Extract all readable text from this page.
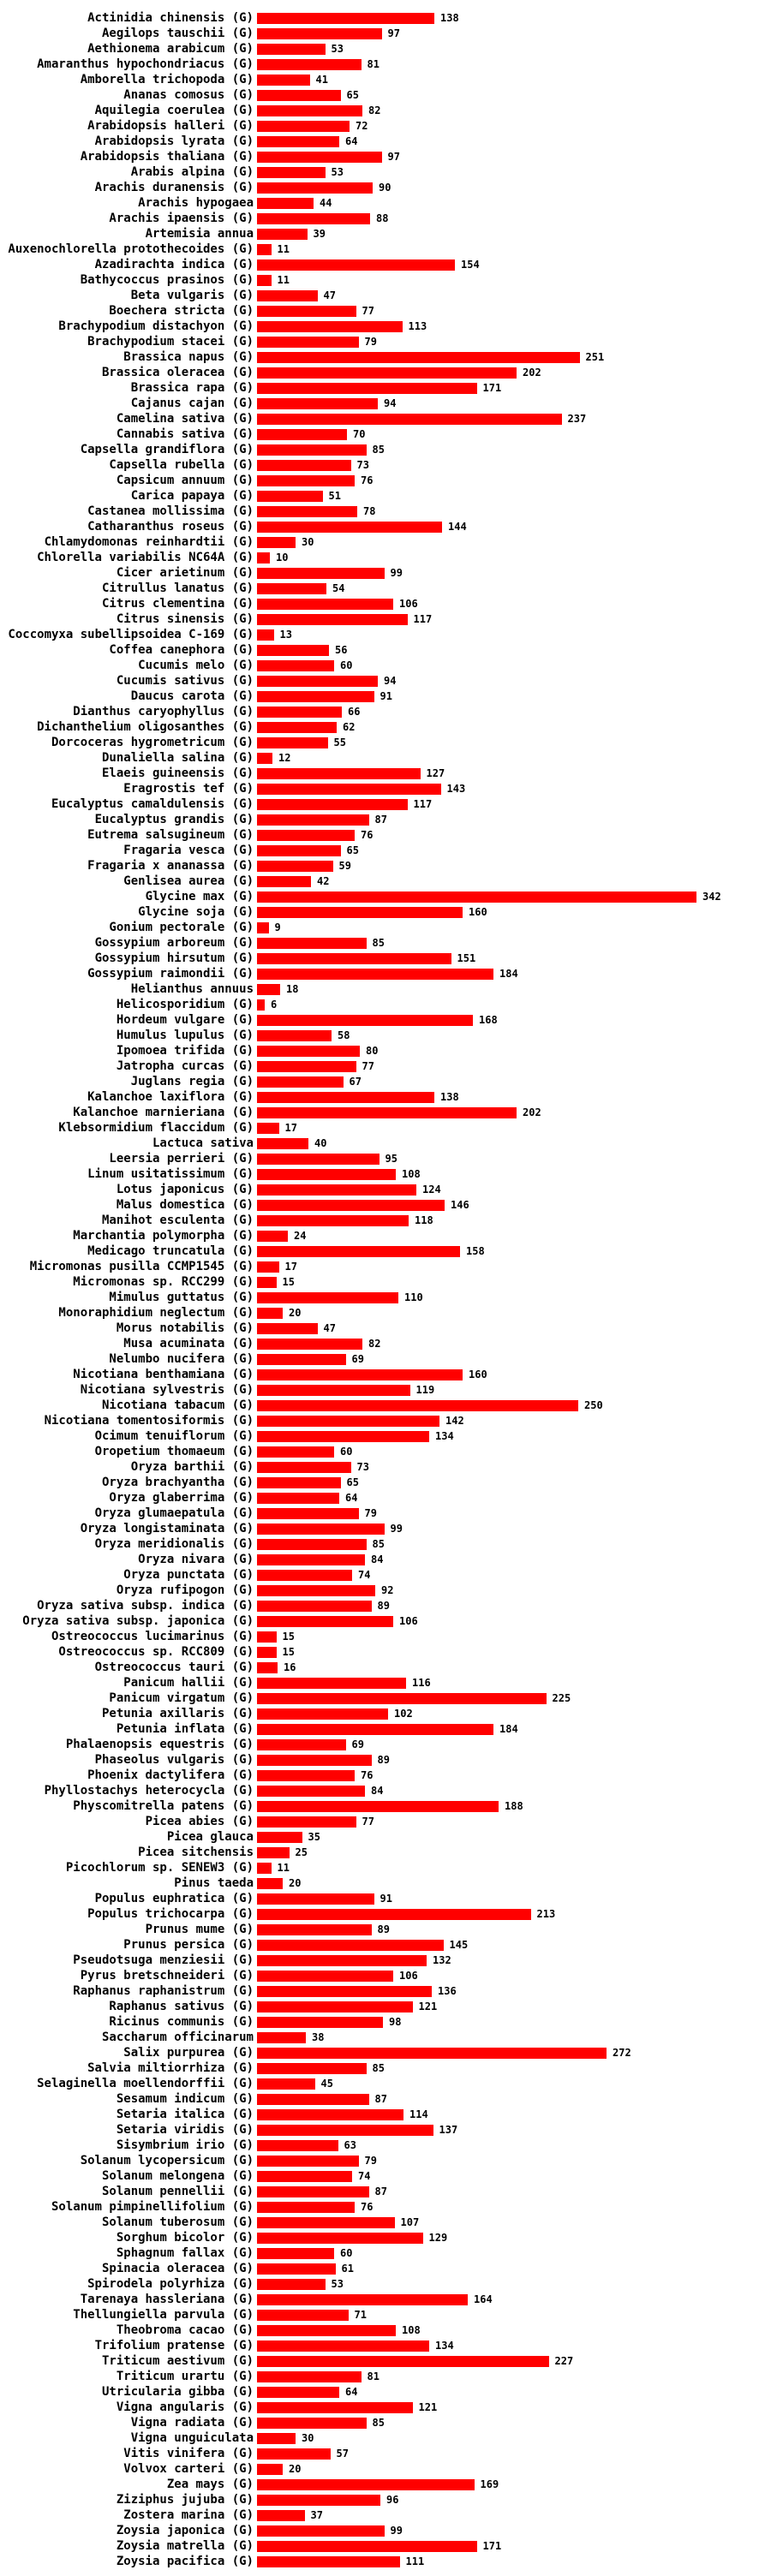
Actinidia chinensis (G)	138
Aegilops tauschii (G)	97
Aethionema arabicum (G)	53
Amaranthus hypochondriacus (G)	81
Amborella trichopoda (G)	41
Ananas comosus (G)	65
Aquilegia coerulea (G)	82
Arabidopsis halleri (G)	72
Arabidopsis lyrata (G)	64
Arabidopsis thaliana (G)	97
Arabis alpina (G)	53
Arachis duranensis (G)	90
Arachis hypogaea	44
Arachis ipaensis (G)	88
Artemisia annua	39
Auxenochlorella protothecoides (G) 11
Azadirachta indica (G)	154
Bathycoccus prasinos (G) 11
Beta vulgaris (G)	47
Boechera stricta (G)	77
Brachypodium distachyon (G)	113
Brachypodium stacei (G)	79
Brassica napus (G)	251
Brassica oleracea (G)	202
Brassica rapa (G)	171
Cajanus cajan (G)	94
Camelina sativa (G)	237
Cannabis sativa (G)	70
Capsella grandiflora (G)	85
Capsella rubella (G)	73
Capsicum annuum (G)	76
Carica papaya (G)	51
Castanea mollissima (G)	78
Catharanthus roseus (G)	144
Chlamydomonas reinhardtii (G)	30
Chlorella variabilis NC64A (G) 10
Cicer arietinum (G)	99
Citrullus lanatus (G)	54
Citrus clementina (G)	106
Citrus sinensis (G)	117
Coccomyxa subellipsoidea C-169 (G)	13
Coffea canephora (G)	56
Cucumis melo (G)	60
Cucumis sativus (G)	94
Daucus carota (G)	91
Dianthus caryophyllus (G)	66
Dichanthelium oligosanthes (G)	62
Dorcoceras hygrometricum (G)	55
Dunaliella salina (G) 12
Elaeis guineensis (G)	127
Eragrostis tef (G)	143
Eucalyptus camaldulensis (G)	117
Eucalyptus grandis (G)	87
Eutrema salsugineum (G)	76
Fragaria vesca (G)	65
Fragaria x ananassa (G)	59
Genlisea aurea (G)	42
Glycine max (G)	342
Glycine soja (G)	160
Gonium pectorale (G) 9
Gossypium arboreum (G)	85
Gossypium hirsutum (G)	151
Gossypium raimondii (G)	184
Helianthus annuus	18
Helicosporidium (G) 6
Hordeum vulgare (G)	168
Humulus lupulus (G)	58
Ipomoea trifida (G)	80
Jatropha curcas (G)	77
Juglans regia (G)	67
Kalanchoe laxiflora (G)	138
Kalanchoe marnieriana (G)	202
Klebsormidium flaccidum (G)	17
Lactuca sativa	40
Leersia perrieri (G)	95
Linum usitatissimum (G)	108
Lotus japonicus (G)	124
Malus domestica (G)	146
Manihot esculenta (G)	118
Marchantia polymorpha (G)	24
Medicago truncatula (G)	158
Micromonas pusilla CCMP1545 (G)	17
Micromonas sp. RCC299 (G)	15
Mimulus guttatus (G)	110
Monoraphidium neglectum (G)	20
Morus notabilis (G)	47
Musa acuminata (G)	82
Nelumbo nucifera (G)	69
Nicotiana benthamiana (G)	160
Nicotiana sylvestris (G)	119
Nicotiana tabacum (G)	250
Nicotiana tomentosiformis (G)	142
Ocimum tenuiflorum (G)	134
Oropetium thomaeum (G)	60
Oryza barthii (G)	73
Oryza brachyantha (G)	65
Oryza glaberrima (G)	64
Oryza glumaepatula (G)	79
Oryza longistaminata (G)	99
Oryza meridionalis (G)	85
Oryza nivara (G)	84
Oryza punctata (G)	74
Oryza rufipogon (G)	92
Oryza sativa subsp. indica (G)	89
Oryza sativa subsp. japonica (G)	106
Ostreococcus lucimarinus (G)	15
Ostreococcus sp. RCC809 (G)	15
Ostreococcus tauri (G)	16
Panicum hallii (G)	116
Panicum virgatum (G)	225
Petunia axillaris (G)	102
Petunia inflata (G)	184
Phalaenopsis equestris (G)	69
Phaseolus vulgaris (G)	89
Phoenix dactylifera (G)	76
Phyllostachys heterocycla (G)	84
Physcomitrella patens (G)	188
Picea abies (G)	77
Picea glauca	35
Picea sitchensis	25
Picochlorum sp. SENEW3 (G) 11
Pinus taeda	20
Populus euphratica (G)	91
Populus trichocarpa (G)	213
Prunus mume (G)	89
Prunus persica (G)	145
Pseudotsuga menziesii (G)	132
Pyrus bretschneideri (G)	106
Raphanus raphanistrum (G)	136
Raphanus sativus (G)	121
Ricinus communis (G)	98
Saccharum officinarum	38
Salix purpurea (G)	272
Salvia miltiorrhiza (G)	85
Selaginella moellendorffii (G)	45
Sesamum indicum (G)	87
Setaria italica (G)	114
Setaria viridis (G)	137
Sisymbrium irio (G)	63
Solanum lycopersicum (G)	79
Solanum melongena (G)	74
Solanum pennellii (G)	87
Solanum pimpinellifolium (G)	76
Solanum tuberosum (G)	107
Sorghum bicolor (G)	129
Sphagnum fallax (G)	60
Spinacia oleracea (G)	61
Spirodela polyrhiza (G)	53
Tarenaya hassleriana (G)	164
Thellungiella parvula (G)	71
Theobroma cacao (G)	108
Trifolium pratense (G)	134
Triticum aestivum (G)	227
Triticum urartu (G)	81
Utricularia gibba (G)	64
Vigna angularis (G)	121
Vigna radiata (G)	85
Vigna unguiculata	30
Vitis vinifera (G)	57
Volvox carteri (G)	20
Zea mays (G)	169
Ziziphus jujuba (G)	96
Zostera marina (G)	37
Zoysia japonica (G)	99
Zoysia matrella (G)	171
Zoysia pacifica (G)	111
